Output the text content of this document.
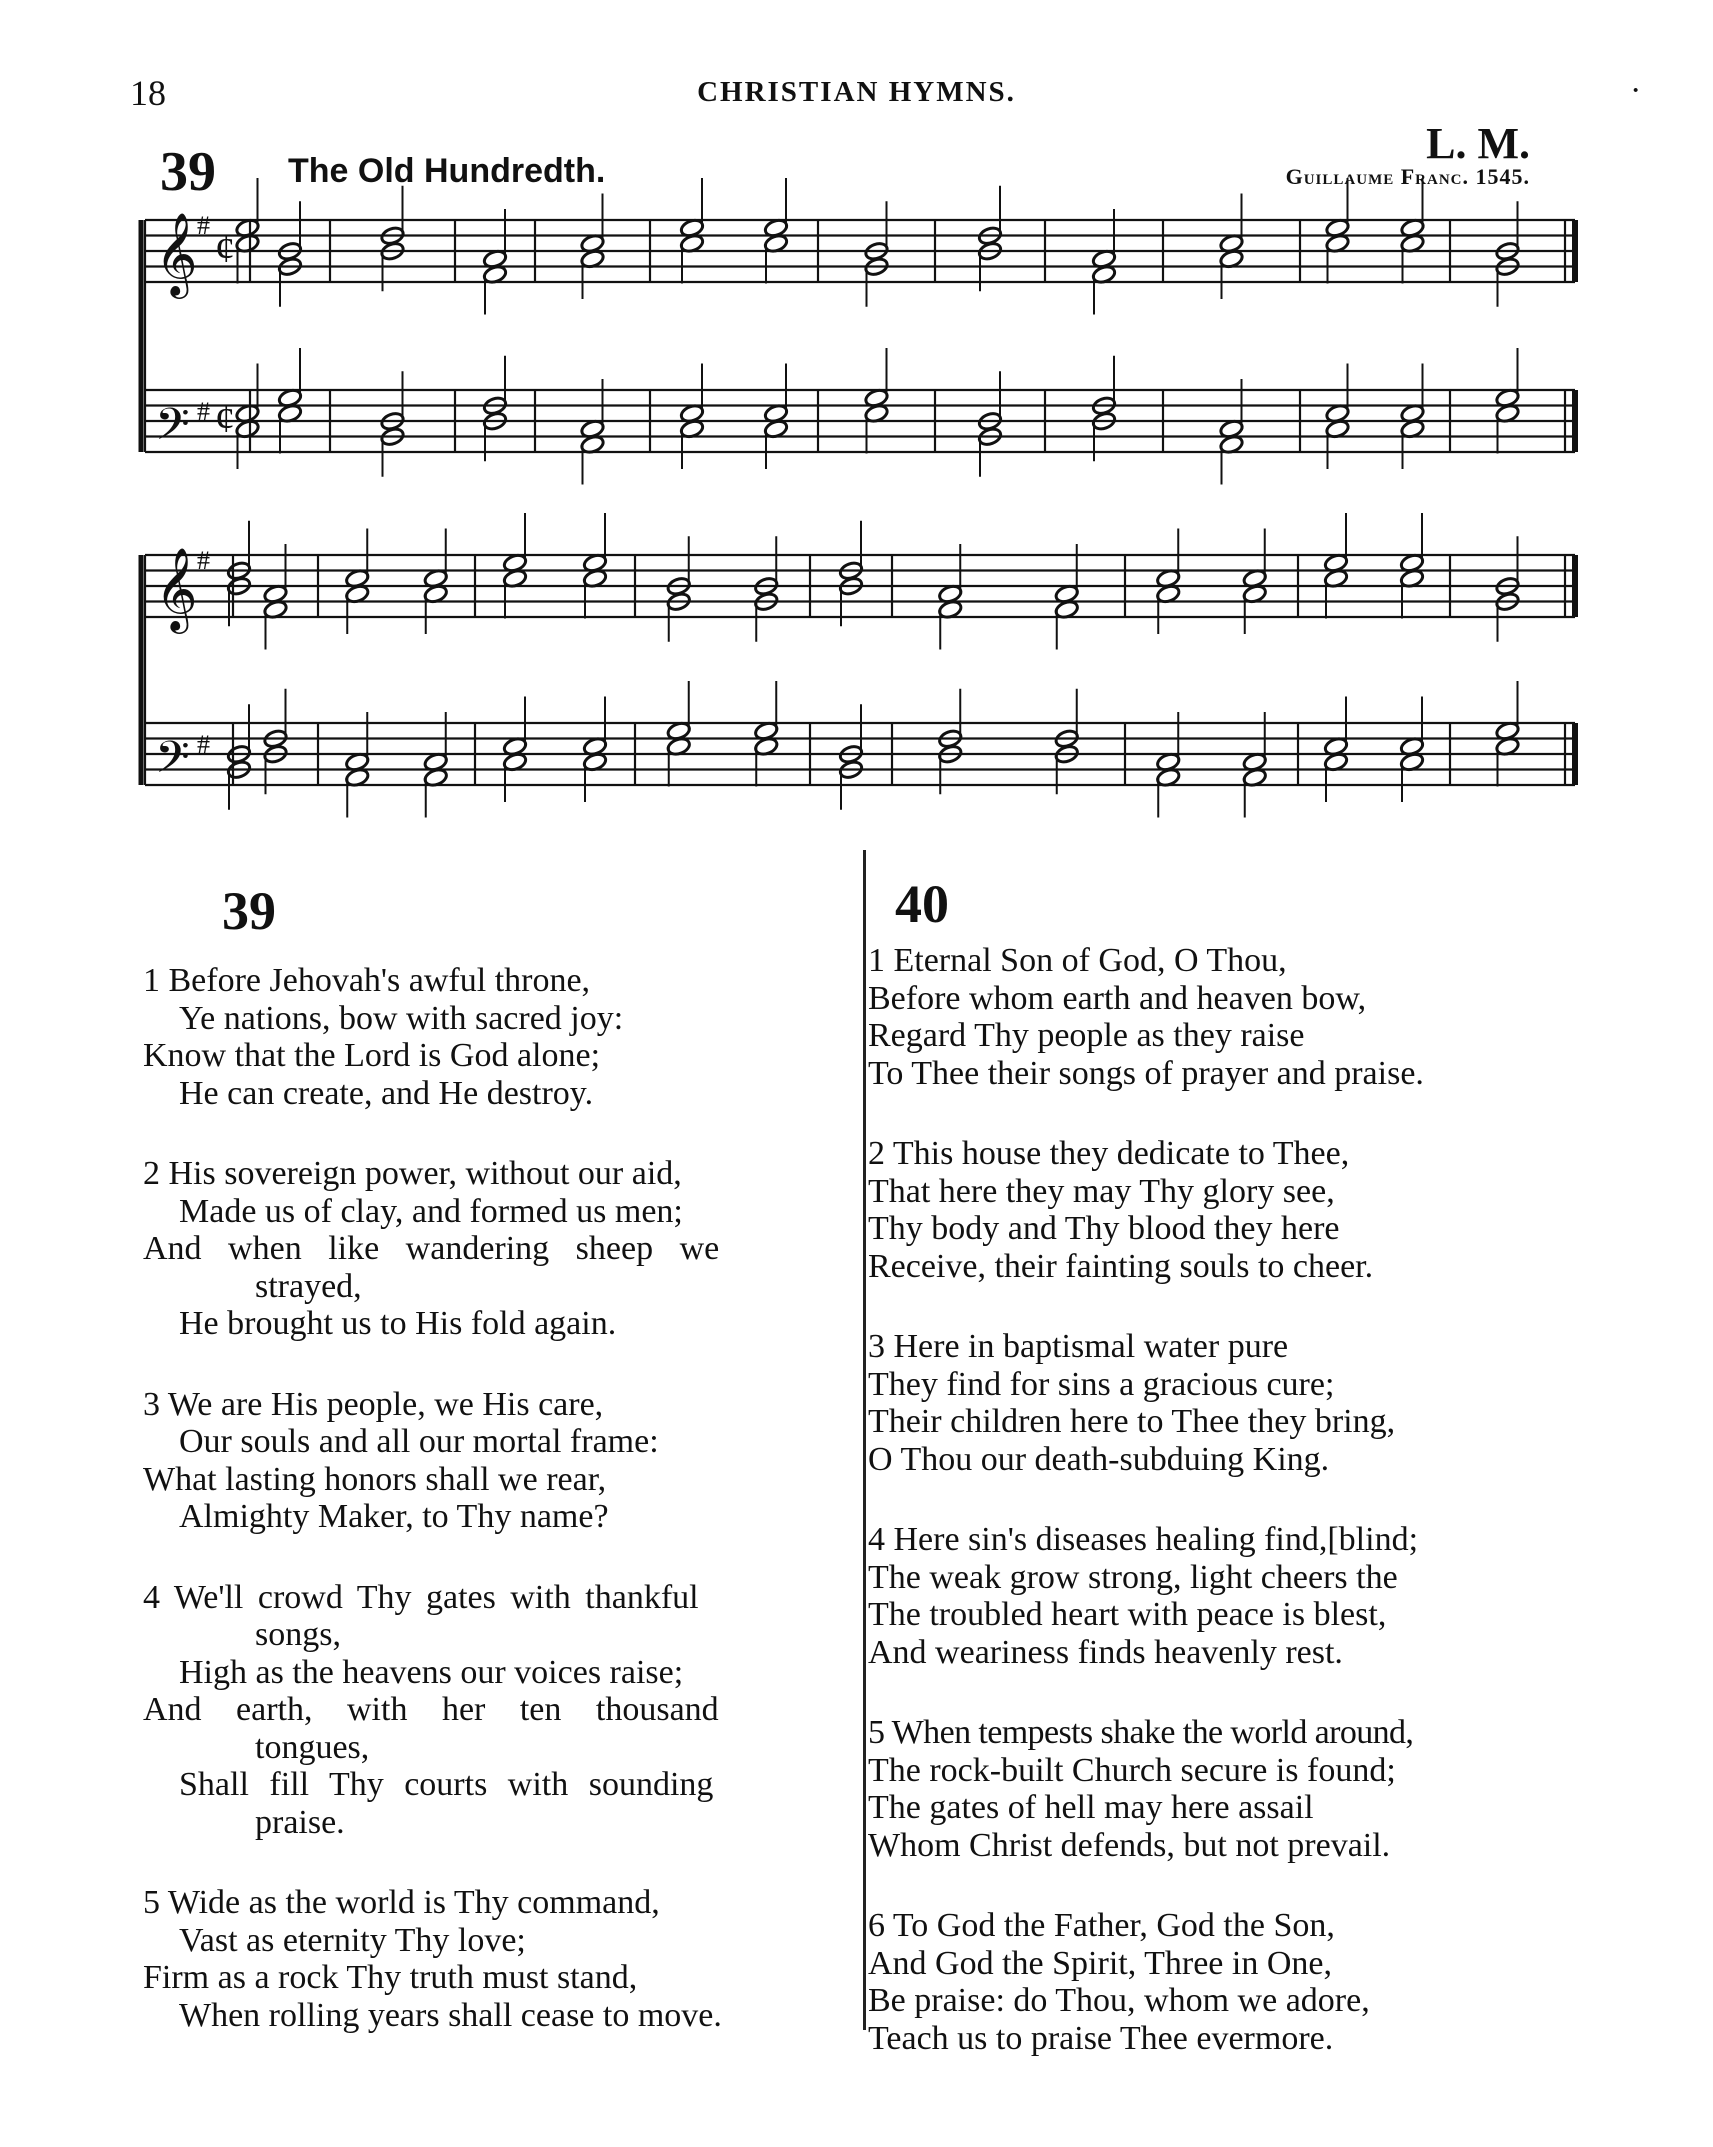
18	CHRISTIAN HYMNS.	·
39 The Old Hundredth.
L. M.
Guillaume Franc. 1545.
𝄞 #
¢
𝄢 # ¢
𝄞 #
𝄢 #
39
1 Before Jehovah's awful throne,
Ye nations, bow with sacred joy:
Know that the Lord is God alone;
He can create, and He destroy.
2 His sovereign power, without our aid,
Made us of clay, and formed us men;
And when like wandering sheep we
strayed,
He brought us to His fold again.
3 We are His people, we His care,
Our souls and all our mortal frame:
What lasting honors shall we rear,
Almighty Maker, to Thy name?
4 We'll crowd Thy gates with thankful
songs,
High as the heavens our voices raise;
And earth, with her ten thousand
tongues,
Shall fill Thy courts with sounding
praise.
5 Wide as the world is Thy command,
Vast as eternity Thy love;
Firm as a rock Thy truth must stand,
When rolling years shall cease to move.
40
1 Eternal Son of God, O Thou,
Before whom earth and heaven bow,
Regard Thy people as they raise
To Thee their songs of prayer and praise.
2 This house they dedicate to Thee,
That here they may Thy glory see,
Thy body and Thy blood they here
Receive, their fainting souls to cheer.
3 Here in baptismal water pure
They find for sins a gracious cure;
Their children here to Thee they bring,
O Thou our death-subduing King.
4 Here sin's diseases healing find,[blind;
The weak grow strong, light cheers the
The troubled heart with peace is blest,
And weariness finds heavenly rest.
5 When tempests shake the world around,
The rock-built Church secure is found;
The gates of hell may here assail
Whom Christ defends, but not prevail.
6 To God the Father, God the Son,
And God the Spirit, Three in One,
Be praise: do Thou, whom we adore,
Teach us to praise Thee evermore.
